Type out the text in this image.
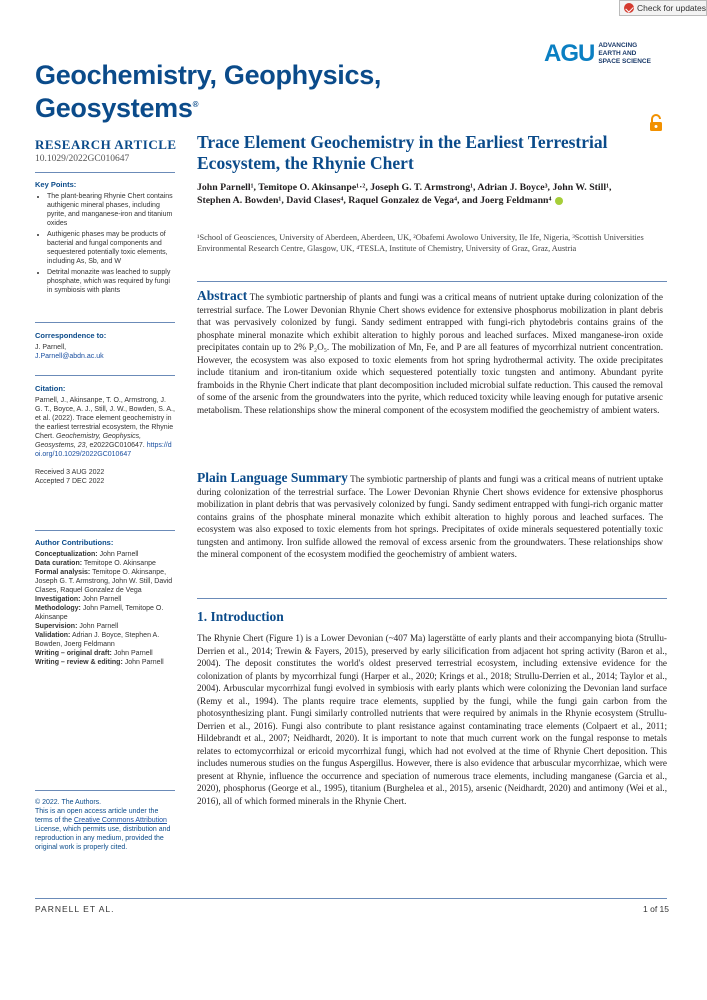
Check for updates
Geochemistry, Geophysics,
Geosystems®
AGU ADVANCING
EARTH AND
SPACE SCIENCE
RESEARCH ARTICLE
10.1029/2022GC010647
Key Points:
• The plant-bearing Rhynie Chert contains authigenic mineral phases, including pyrite, and manganese-iron and titanium oxides
• Authigenic phases may be products of bacterial and fungal components and sequestered potentially toxic elements, including As, Sb, and W
• Detrital monazite was leached to supply phosphate, which was required by fungi in symbiosis with plants
Correspondence to:
J. Parnell,
J.Parnell@abdn.ac.uk
Citation:
Parnell, J., Akinsanpe, T. O., Armstrong, J. G. T., Boyce, A. J., Still, J. W., Bowden, S. A., et al. (2022). Trace element geochemistry in the earliest terrestrial ecosystem, the Rhynie Chert. Geochemistry, Geophysics, Geosystems, 23, e2022GC010647. https://doi.org/10.1029/2022GC010647
Received 3 AUG 2022
Accepted 7 DEC 2022
Author Contributions:
Conceptualization: John Parnell
Data curation: Temitope O. Akinsanpe
Formal analysis: Temitope O. Akinsanpe, Joseph G. T. Armstrong, John W. Still, David Clases, Raquel Gonzalez de Vega
Investigation: John Parnell
Methodology: John Parnell, Temitope O. Akinsanpe
Supervision: John Parnell
Validation: Adrian J. Boyce, Stephen A. Bowden, Joerg Feldmann
Writing – original draft: John Parnell
Writing – review & editing: John Parnell
© 2022. The Authors.
This is an open access article under the terms of the Creative Commons Attribution License, which permits use, distribution and reproduction in any medium, provided the original work is properly cited.
Trace Element Geochemistry in the Earliest Terrestrial Ecosystem, the Rhynie Chert
John Parnell¹, Temitope O. Akinsanpe¹·², Joseph G. T. Armstrong¹, Adrian J. Boyce³, John W. Still¹, Stephen A. Bowden¹, David Clases⁴, Raquel Gonzalez de Vega⁴, and Joerg Feldmann⁴
¹School of Geosciences, University of Aberdeen, Aberdeen, UK, ²Obafemi Awolowo University, Ile Ife, Nigeria, ³Scottish Universities Environmental Research Centre, Glasgow, UK, ⁴TESLA, Institute of Chemistry, University of Graz, Graz, Austria
Abstract The symbiotic partnership of plants and fungi was a critical means of nutrient uptake during colonization of the terrestrial surface. The Lower Devonian Rhynie Chert shows evidence for extensive phosphorus mobilization in plant debris that was pervasively colonized by fungi. Sandy sediment entrapped with fungi-rich phytodebris contains grains of the phosphate mineral monazite which exhibit alteration to highly porous and leached surfaces. Mixed manganese-iron oxide precipitates contain up to 2% P₂O₅. The mobilization of Mn, Fe, and P are all features of mycorrhizal nutrient concentration. However, the ecosystem was also exposed to toxic elements from hot spring hydrothermal activity. The oxide precipitates include titanium and iron-titanium oxide which sequestered potentially toxic tungsten and antimony. Abundant pyrite framboids in the Rhynie Chert indicate that plant decomposition included microbial sulfate reduction. This caused the removal of some of the arsenic from the groundwaters into the pyrite, which reduced toxicity while leaving enough for putative arsenic metabolism. These relationships show the mineral component of the ecosystem modified the geochemistry of ambient waters.
Plain Language Summary The symbiotic partnership of plants and fungi was a critical means of nutrient uptake during colonization of the terrestrial surface. The Lower Devonian Rhynie Chert shows evidence for extensive phosphorus mobilization in plant debris that was pervasively colonized by fungi. Sandy sediment entrapped with fungi-rich organic matter contains grains of the phosphate mineral monazite which exhibit alteration to highly porous and leached surfaces. The ecosystem was also exposed to toxic elements from hot springs. Precipitates of oxide minerals sequestered potentially toxic tungsten and antimony. Iron sulfide allowed the removal of excess arsenic from the groundwaters. These relationships show the mineral component of the ecosystem modified the geochemistry of ambient waters.
1. Introduction
The Rhynie Chert (Figure 1) is a Lower Devonian (~407 Ma) lagerstätte of early plants and their accompanying biota (Strullu-Derrien et al., 2014; Trewin & Fayers, 2015), preserved by early silicification from adjacent hot spring activity (Baron et al., 2004). The deposit constitutes the world's oldest preserved terrestrial ecosystem, including extensive evidence for the colonization of plants by mycorrhizal fungi (Harper et al., 2020; Krings et al., 2018; Strullu-Derrien et al., 2014; Taylor et al., 2004). Arbuscular mycorrhizal fungi evolved in symbiosis with early plants which were colonizing the Devonian land surface (Remy et al., 1994). The plants require trace elements, supplied by the fungi, while the fungi gain carbon from the photosynthesizing plant. Fungi similarly controlled nutrients that were required by animals in the Rhynie ecosystem (Strullu-Derrien et al., 2016). Fungi also contribute to plant resistance against contaminating trace elements (Colpaert et al., 2011; Hildebrandt et al., 2007; Neidhardt, 2020). It is important to note that much current work on the fungal response to metals relates to ectomycorrhizal or ericoid mycorrhizal fungi, which had not evolved at the time of Rhynie Chert deposition. This includes numerous studies on the fungus Aspergillus. However, there is also evidence that arbuscular mycorrhizae, which were present at Rhynie, influence the occurrence and speciation of numerous trace elements, including manganese (Garcia et al., 2020), phosphorus (George et al., 1995), titanium (Burghelea et al., 2015), arsenic (Neidhardt, 2020) and antimony (Wei et al., 2016), all of which formed minerals in the Rhynie Chert.
PARNELL ET AL.	1 of 15
